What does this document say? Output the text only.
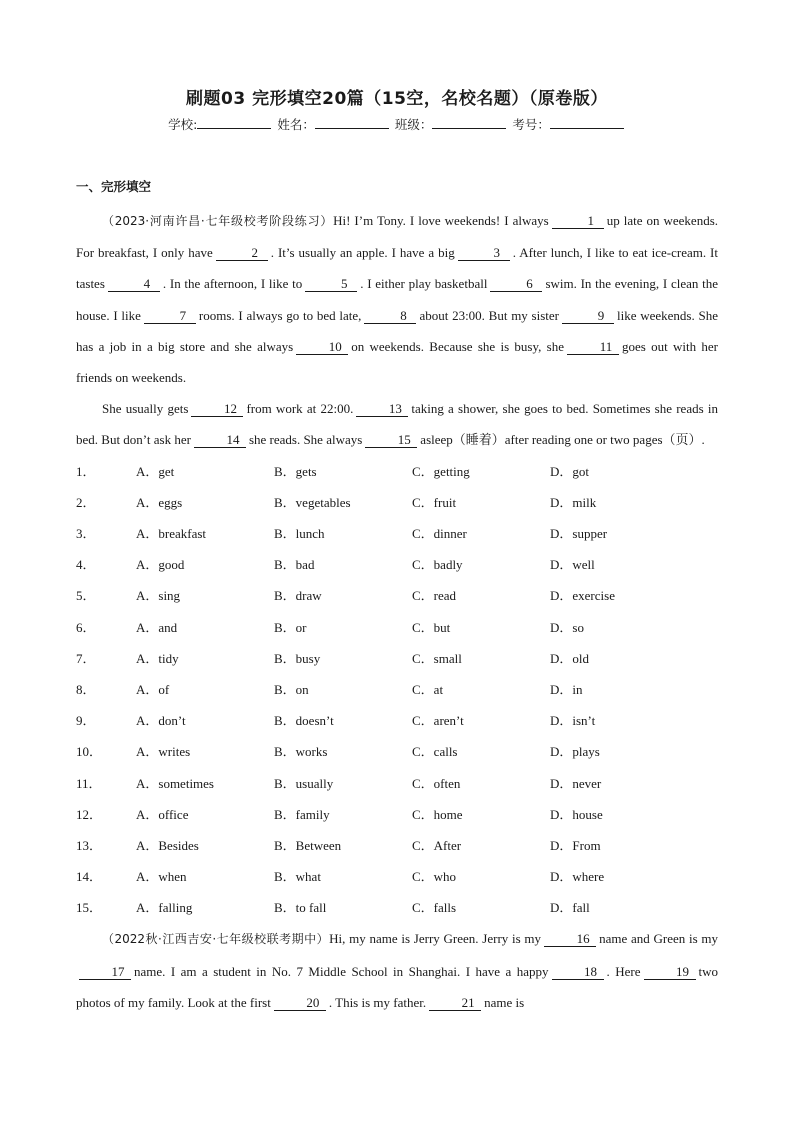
刷题03 完形填空20篇（15空，名校名题）（原卷版）
学校:	姓名：	班级：	考号：
一、完形填空

（2023·河南许昌·七年级校考阶段练习）Hi! I’m Tony. I love weekends! I always	1 up late on weekends. For breakfast, I only have	2 . It’s usually an apple. I have a big	3 . After lunch, I like to eat ice-cream. It tastes	4 . In the afternoon, I like to	5 . I either play basketball	6 swim. In the evening, I clean the house. I like	7 rooms. I always go to bed late,	8 about 23:00. But my sister	9 like weekends. She has a job in a big store and she always	10 on weekends. Because she is busy, she	11 goes out with her friends on weekends.

She usually gets	12 from work at 22:00.	13 taking a shower, she goes to bed. Sometimes she reads in bed. But don’t ask her	14 she reads. She always	15 asleep（睡着）after reading one or two pages（页）.

1．	A．get	B．gets	C．getting	D．got
2．	A．eggs	B．vegetables	C．fruit	D．milk
3．	A．breakfast	B．lunch	C．dinner	D．supper
4．	A．good	B．bad	C．badly	D．well
5．	A．sing	B．draw	C．read	D．exercise
6．	A．and	B．or	C．but	D．so
7．	A．tidy	B．busy	C．small	D．old
8．	A．of	B．on	C．at	D．in
9．	A．don’t	B．doesn’t	C．aren’t	D．isn’t
10．	A．writes	B．works	C．calls	D．plays
11．	A．sometimes	B．usually	C．often	D．never
12．	A．office	B．family	C．home	D．house
13．	A．Besides	B．Between	C．After	D．From
14．	A．when	B．what	C．who	D．where
15．	A．falling	B．to fall	C．falls	D．fall

（2022秋·江西吉安·七年级校联考期中）Hi, my name is Jerry Green. Jerry is my	16 name and Green is my17 name. I am a student in No. 7 Middle School in Shanghai. I have a happy	18 . Here	19 two photos of my family. Look at the first	20 . This is my father.	21 name is
